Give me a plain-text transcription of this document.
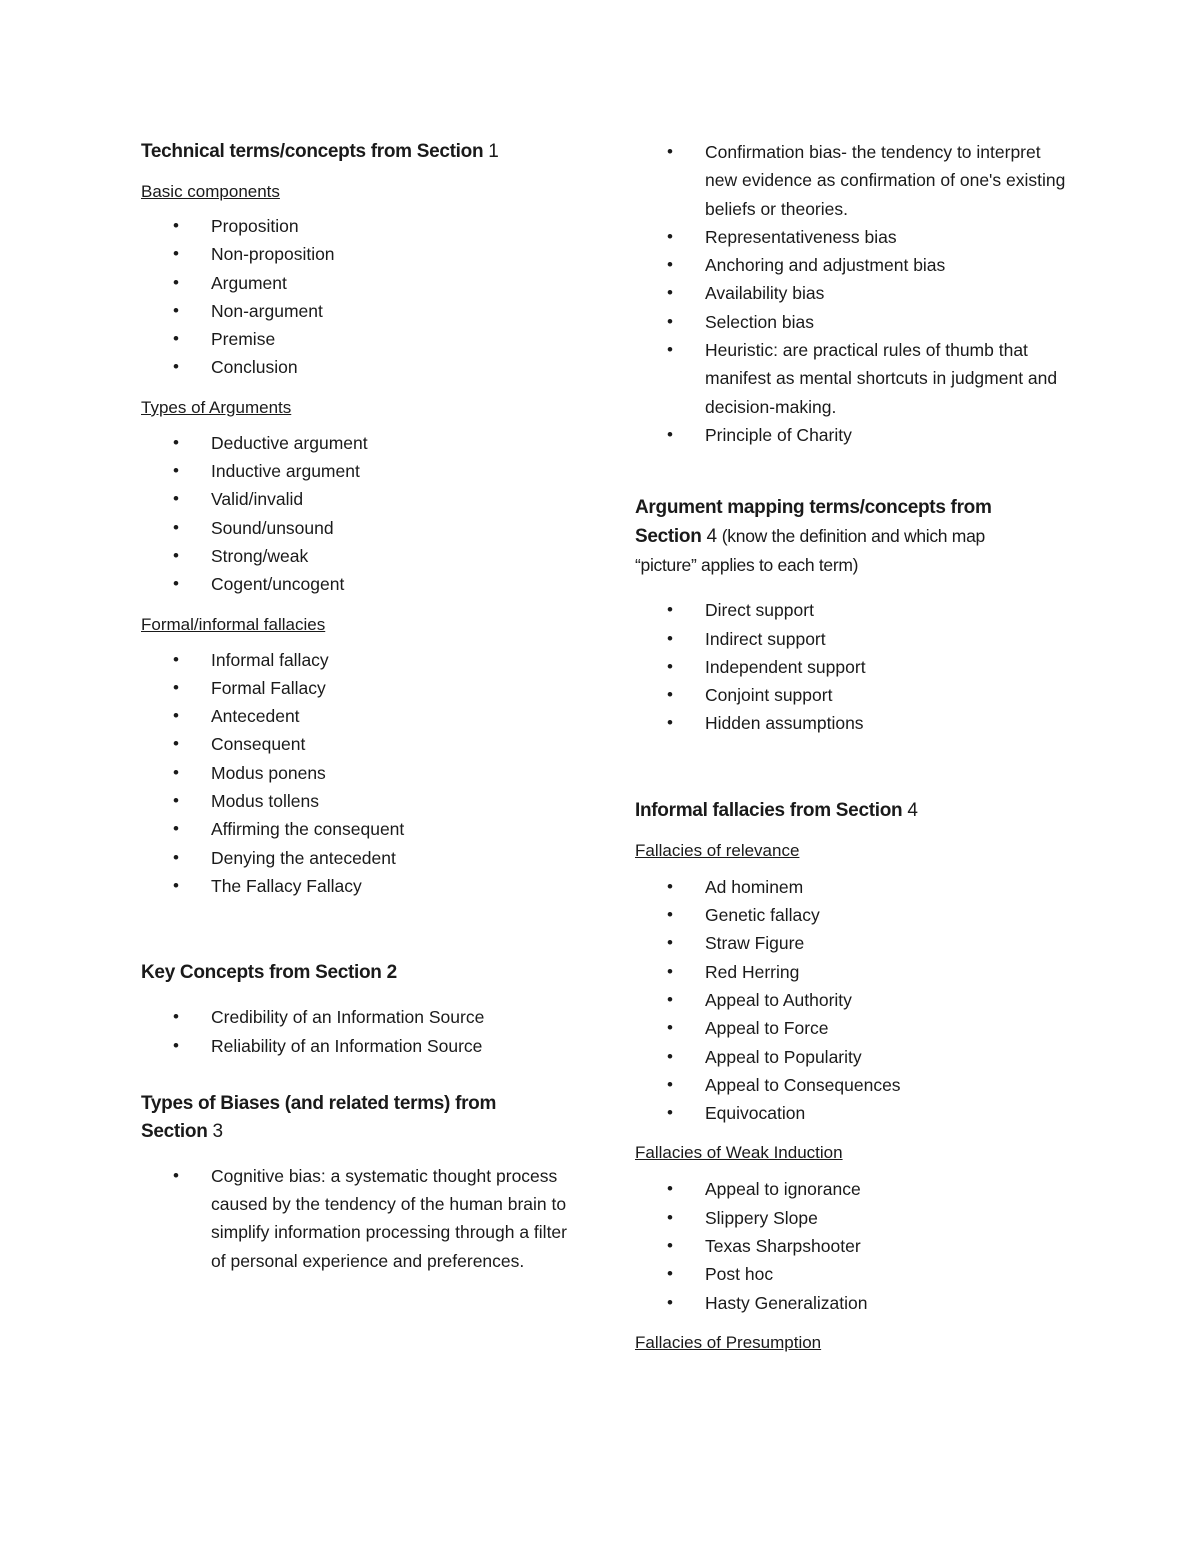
Technical terms/concepts from Section 1

Basic components

• Proposition
• Non-proposition
• Argument
• Non-argument
• Premise
• Conclusion

Types of Arguments

• Deductive argument
• Inductive argument
• Valid/invalid
• Sound/unsound
• Strong/weak
• Cogent/uncogent

Formal/informal fallacies

• Informal fallacy
• Formal Fallacy
• Antecedent
• Consequent
• Modus ponens
• Modus tollens
• Affirming the consequent
• Denying the antecedent
• The Fallacy Fallacy
Key Concepts from Section 2
• Credibility of an Information Source
• Reliability of an Information Source
Types of Biases (and related terms) from
Section 3
• Cognitive bias: a systematic thought process caused by the tendency of the human brain to simplify information processing through a filter of personal experience and preferences.
• Confirmation bias- the tendency to interpret new evidence as confirmation of one's existing beliefs or theories.
• Representativeness bias
• Anchoring and adjustment bias
• Availability bias
• Selection bias
• Heuristic: are practical rules of thumb that manifest as mental shortcuts in judgment and decision-making.
• Principle of Charity
Argument mapping terms/concepts from
Section 4 (know the definition and which map
“picture” applies to each term)
• Direct support
• Indirect support
• Independent support
• Conjoint support
• Hidden assumptions
Informal fallacies from Section 4

Fallacies of relevance

• Ad hominem
• Genetic fallacy
• Straw Figure
• Red Herring
• Appeal to Authority
• Appeal to Force
• Appeal to Popularity
• Appeal to Consequences
• Equivocation

Fallacies of Weak Induction

• Appeal to ignorance
• Slippery Slope
• Texas Sharpshooter
• Post hoc
• Hasty Generalization

Fallacies of Presumption
